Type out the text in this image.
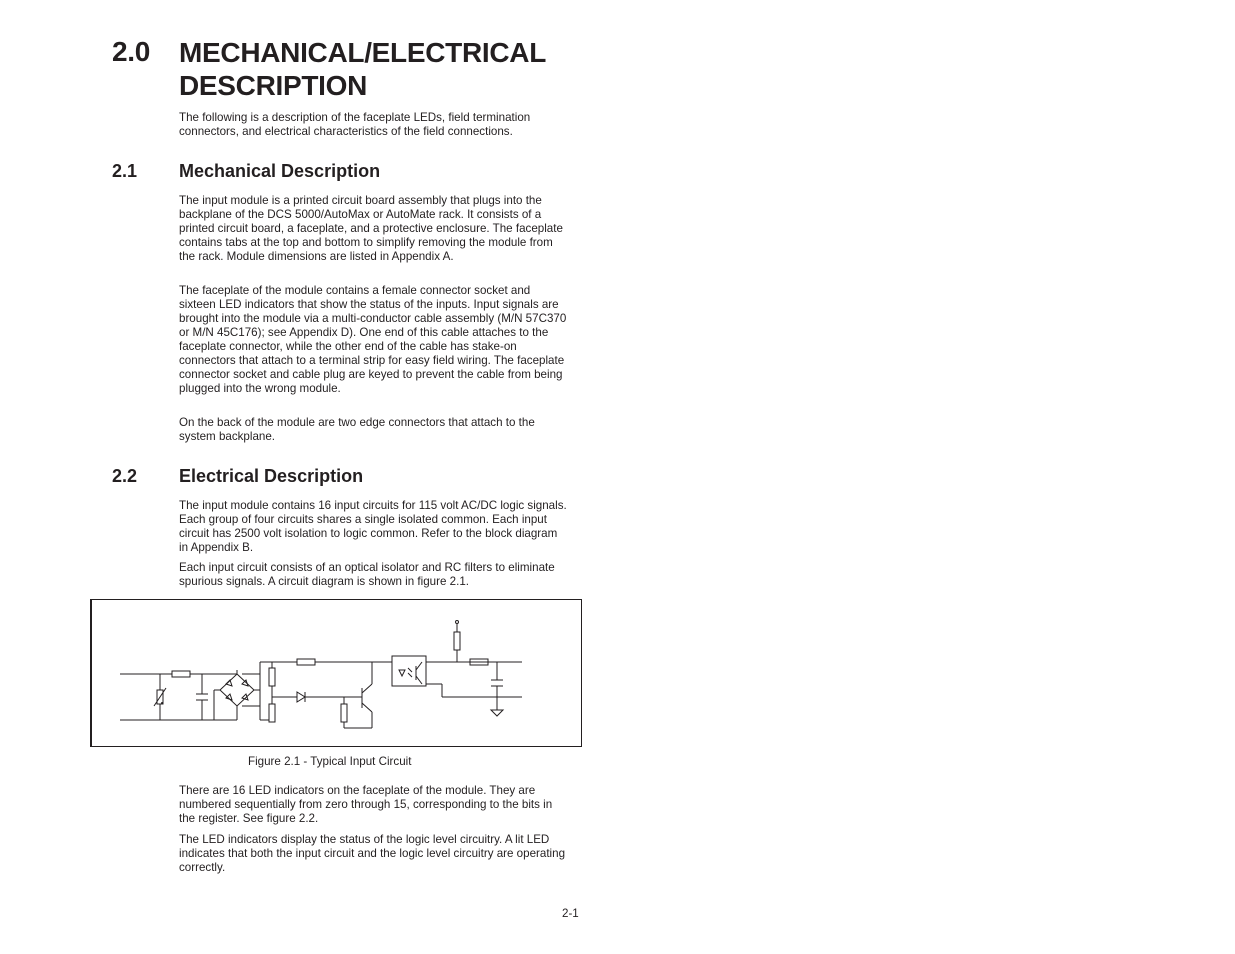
2.0 MECHANICAL/ELECTRICAL DESCRIPTION
The following is a description of the faceplate LEDs, field termination connectors, and electrical characteristics of the field connections.
2.1 Mechanical Description
The input module is a printed circuit board assembly that plugs into the backplane of the DCS 5000/AutoMax or AutoMate rack. It consists of a printed circuit board, a faceplate, and a protective enclosure. The faceplate contains tabs at the top and bottom to simplify removing the module from the rack. Module dimensions are listed in Appendix A.
The faceplate of the module contains a female connector socket and sixteen LED indicators that show the status of the inputs. Input signals are brought into the module via a multi-conductor cable assembly (M/N 57C370 or M/N 45C176); see Appendix D). One end of this cable attaches to the faceplate connector, while the other end of the cable has stake-on connectors that attach to a terminal strip for easy field wiring. The faceplate connector socket and cable plug are keyed to prevent the cable from being plugged into the wrong module.
On the back of the module are two edge connectors that attach to the system backplane.
2.2 Electrical Description
The input module contains 16 input circuits for 115 volt AC/DC logic signals. Each group of four circuits shares a single isolated common. Each input circuit has 2500 volt isolation to logic common. Refer to the block diagram in Appendix B.
Each input circuit consists of an optical isolator and RC filters to eliminate spurious signals. A circuit diagram is shown in figure 2.1.
Figure 2.1 - Typical Input Circuit
There are 16 LED indicators on the faceplate of the module. They are numbered sequentially from zero through 15, corresponding to the bits in the register. See figure 2.2.
The LED indicators display the status of the logic level circuitry. A lit LED indicates that both the input circuit and the logic level circuitry are operating correctly.
2-1
